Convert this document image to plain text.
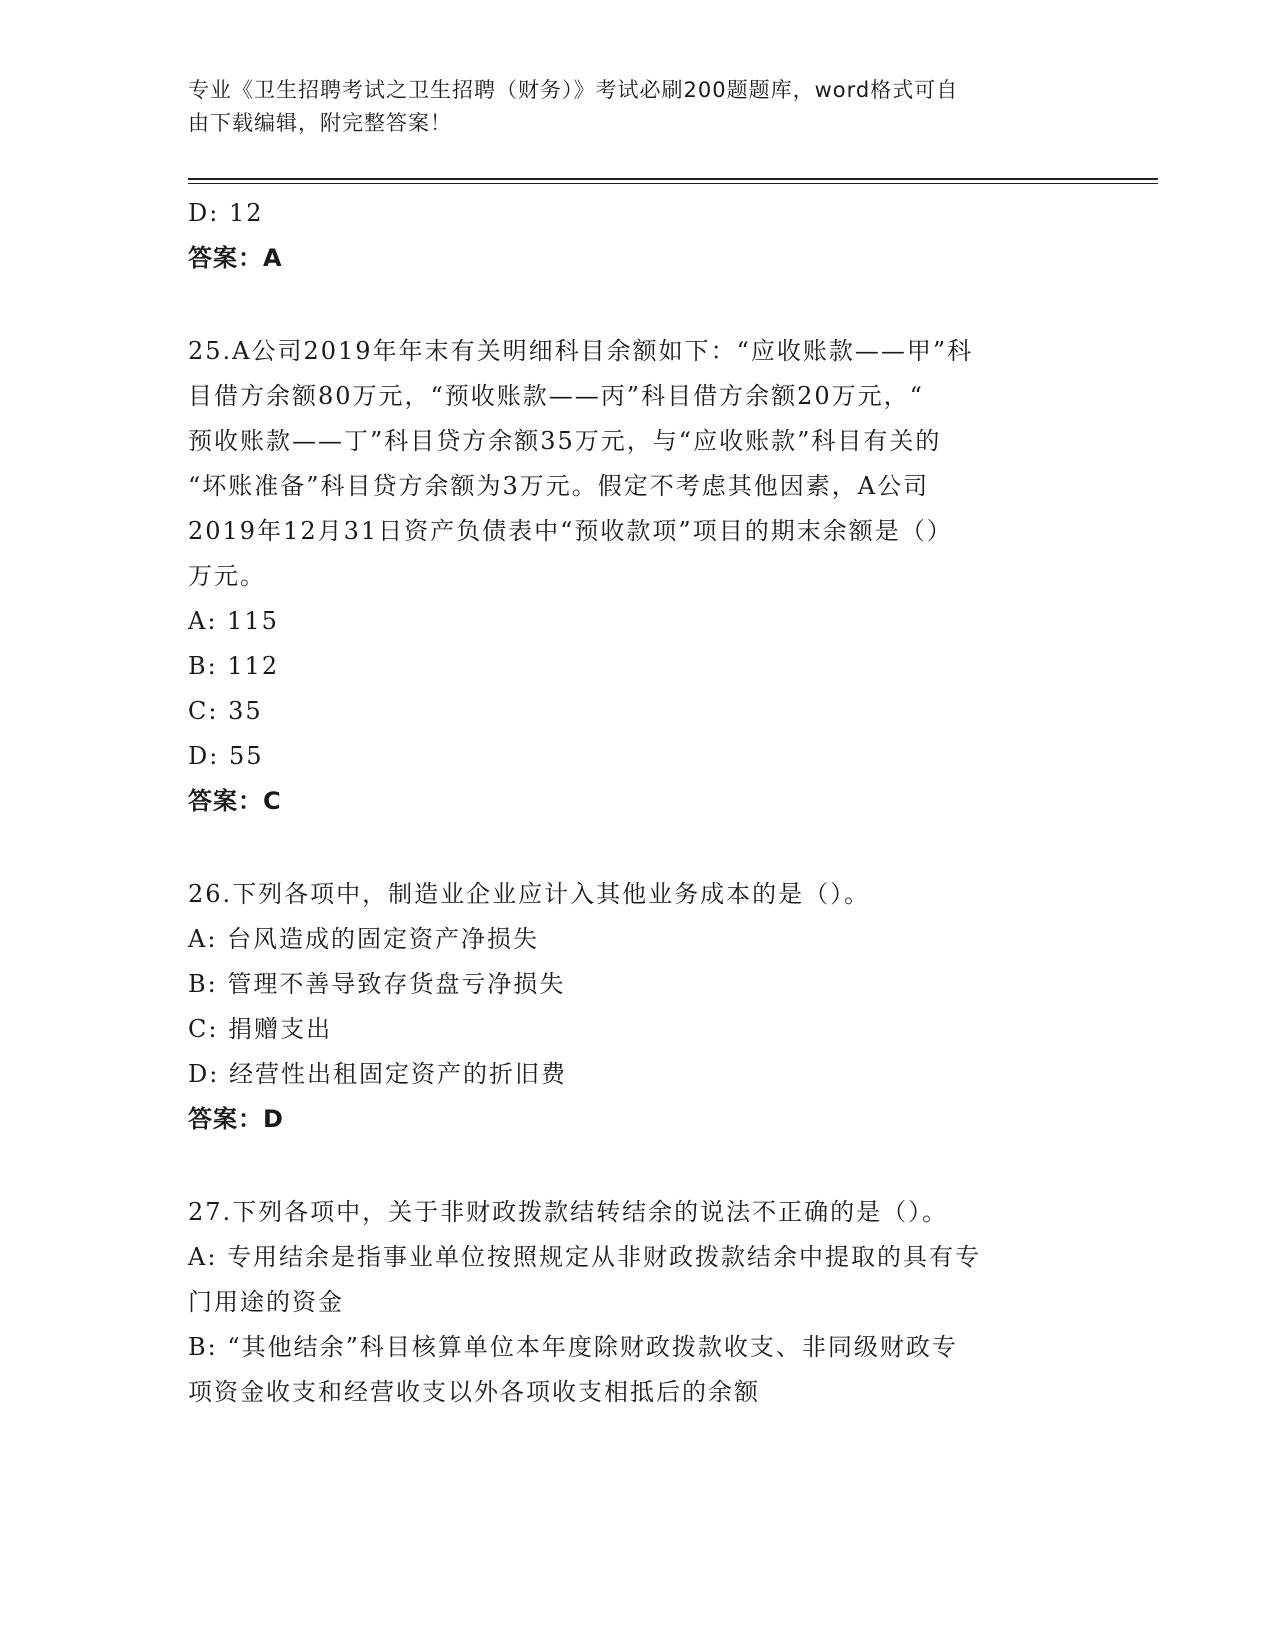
专业《卫生招聘考试之卫生招聘（财务）》考试必刷200题题库，word格式可自
由下载编辑，附完整答案！
D: 12
答案：A
25.A公司2019年年末有关明细科目余额如下：“应收账款——甲”科
目借方余额80万元，“预收账款——丙”科目借方余额20万元，“
预收账款——丁”科目贷方余额35万元，与“应收账款”科目有关的
“坏账准备”科目贷方余额为3万元。假定不考虑其他因素，A公司
2019年12月31日资产负债表中“预收款项”项目的期末余额是（）
万元。
A: 115
B: 112
C: 35
D: 55
答案：C
26.下列各项中，制造业企业应计入其他业务成本的是（）。
A: 台风造成的固定资产净损失
B: 管理不善导致存货盘亏净损失
C: 捐赠支出
D: 经营性出租固定资产的折旧费
答案：D
27.下列各项中，关于非财政拨款结转结余的说法不正确的是（）。
A: 专用结余是指事业单位按照规定从非财政拨款结余中提取的具有专
门用途的资金
B: “其他结余”科目核算单位本年度除财政拨款收支、非同级财政专
项资金收支和经营收支以外各项收支相抵后的余额
